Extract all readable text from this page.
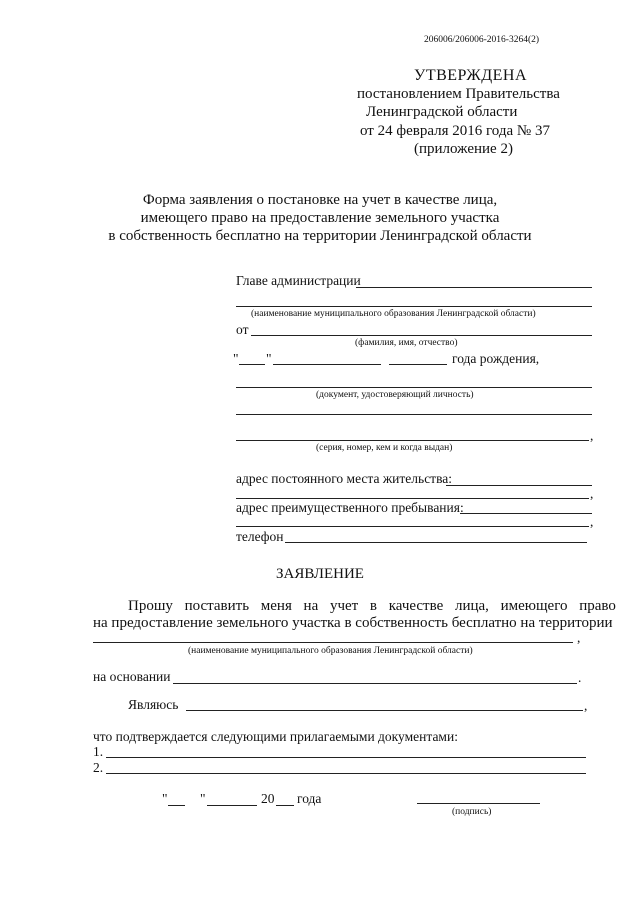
206006/206006-2016-3264(2)
УТВЕРЖДЕНА
постановлением Правительства
Ленинградской области
от 24 февраля 2016 года № 37
(приложение 2)
Форма заявления о постановке на учет в качестве лица,
имеющего право на предоставление земельного участка
в собственность бесплатно на территории Ленинградской области
Главе администрации
(наименование муниципального образования Ленинградской области)
от
(фамилия, имя, отчество)
" "	года рождения,
(документ, удостоверяющий личность)
,
(серия, номер, кем и когда выдан)
адрес постоянного места жительства:
,
адрес преимущественного пребывания:
,
телефон
ЗАЯВЛЕНИЕ
Прошу поставить меня на учет в качестве лица, имеющего право
на предоставление земельного участка в собственность бесплатно на территории
,
(наименование муниципального образования Ленинградской области)
на основании	.
Являюсь	,
что подтверждается следующими прилагаемыми документами:
1.
2.
" "	20 года
(подпись)
